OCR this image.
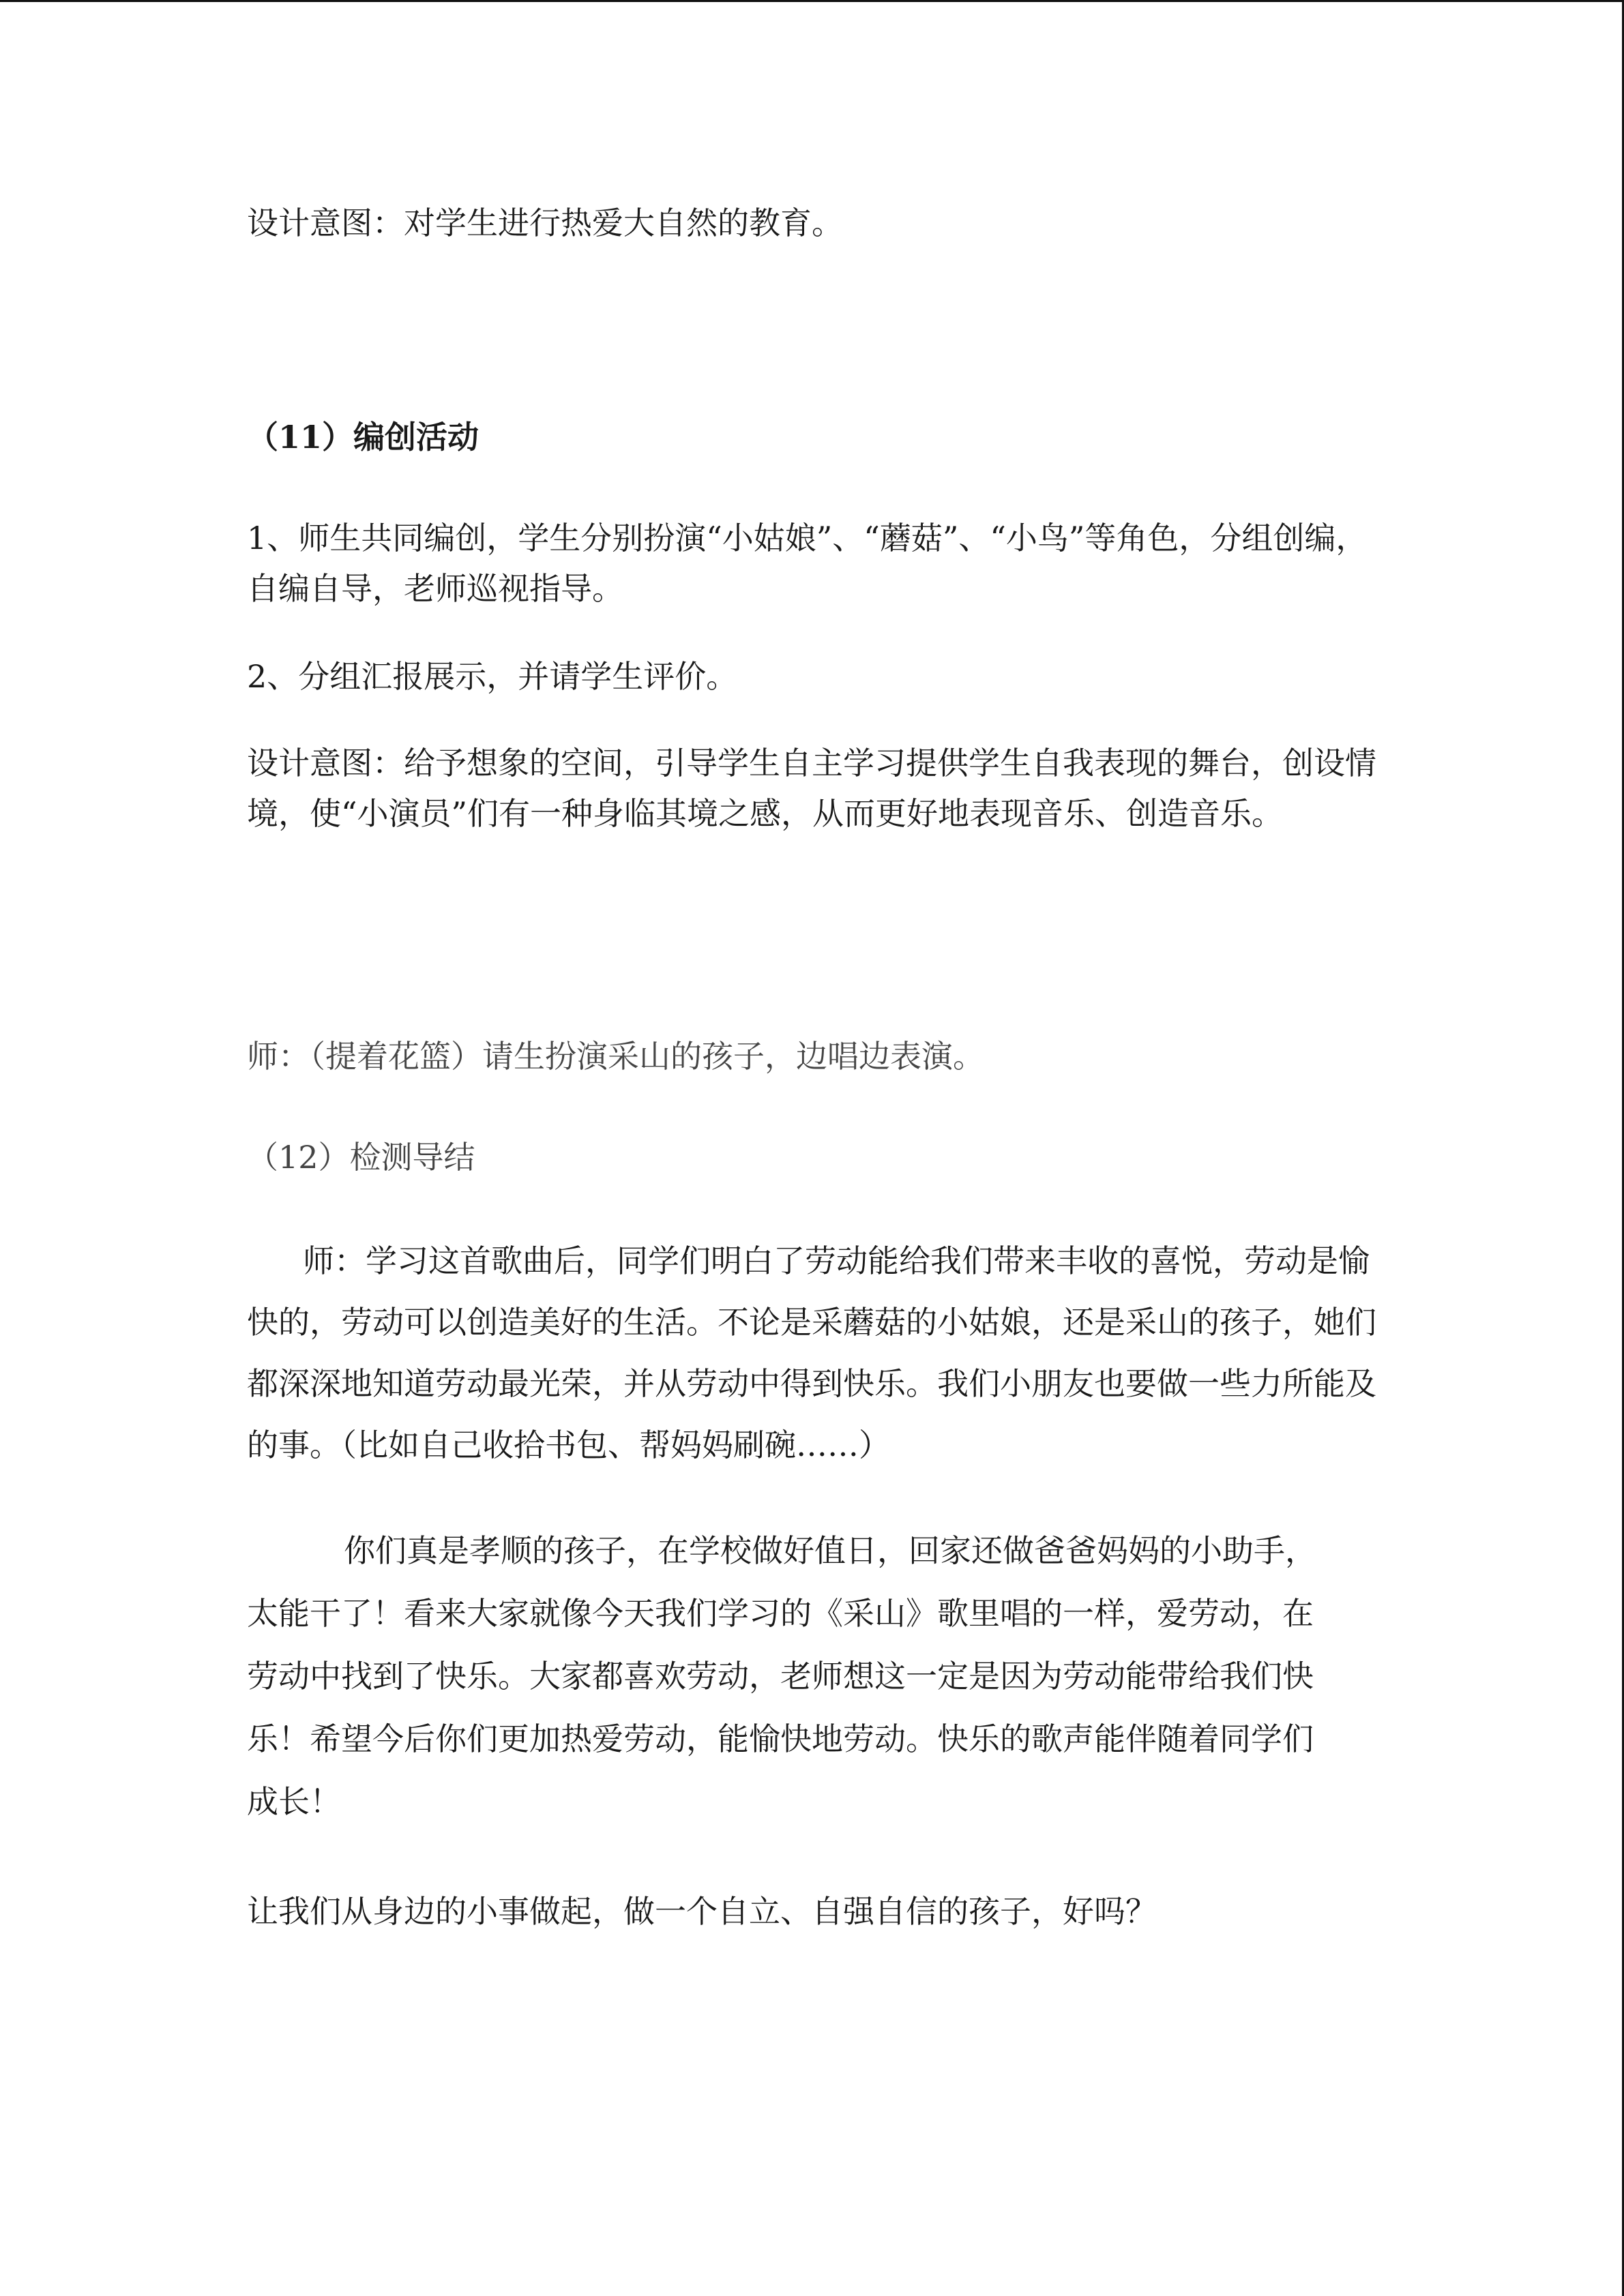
设计意图：对学生进行热爱大自然的教育。

（11）编创活动

1、师生共同编创，学生分别扮演“小姑娘”、“蘑菇”、“小鸟”等角色，分组创编，自编自导，老师巡视指导。

2、分组汇报展示，并请学生评价。

设计意图：给予想象的空间，引导学生自主学习提供学生自我表现的舞台，创设情境，使“小演员”们有一种身临其境之感，从而更好地表现音乐、创造音乐。

师：（提着花篮）请生扮演采山的孩子，边唱边表演。

（12）检测导结

师：学习这首歌曲后，同学们明白了劳动能给我们带来丰收的喜悦，劳动是愉快的，劳动可以创造美好的生活。不论是采蘑菇的小姑娘，还是采山的孩子，她们都深深地知道劳动最光荣，并从劳动中得到快乐。我们小朋友也要做一些力所能及的事。（比如自己收拾书包、帮妈妈刷碗……）

你们真是孝顺的孩子，在学校做好值日，回家还做爸爸妈妈的小助手，太能干了！看来大家就像今天我们学习的《采山》歌里唱的一样，爱劳动，在劳动中找到了快乐。大家都喜欢劳动，老师想这一定是因为劳动能带给我们快乐！希望今后你们更加热爱劳动，能愉快地劳动。快乐的歌声能伴随着同学们成长！

让我们从身边的小事做起，做一个自立、自强自信的孩子，好吗？
